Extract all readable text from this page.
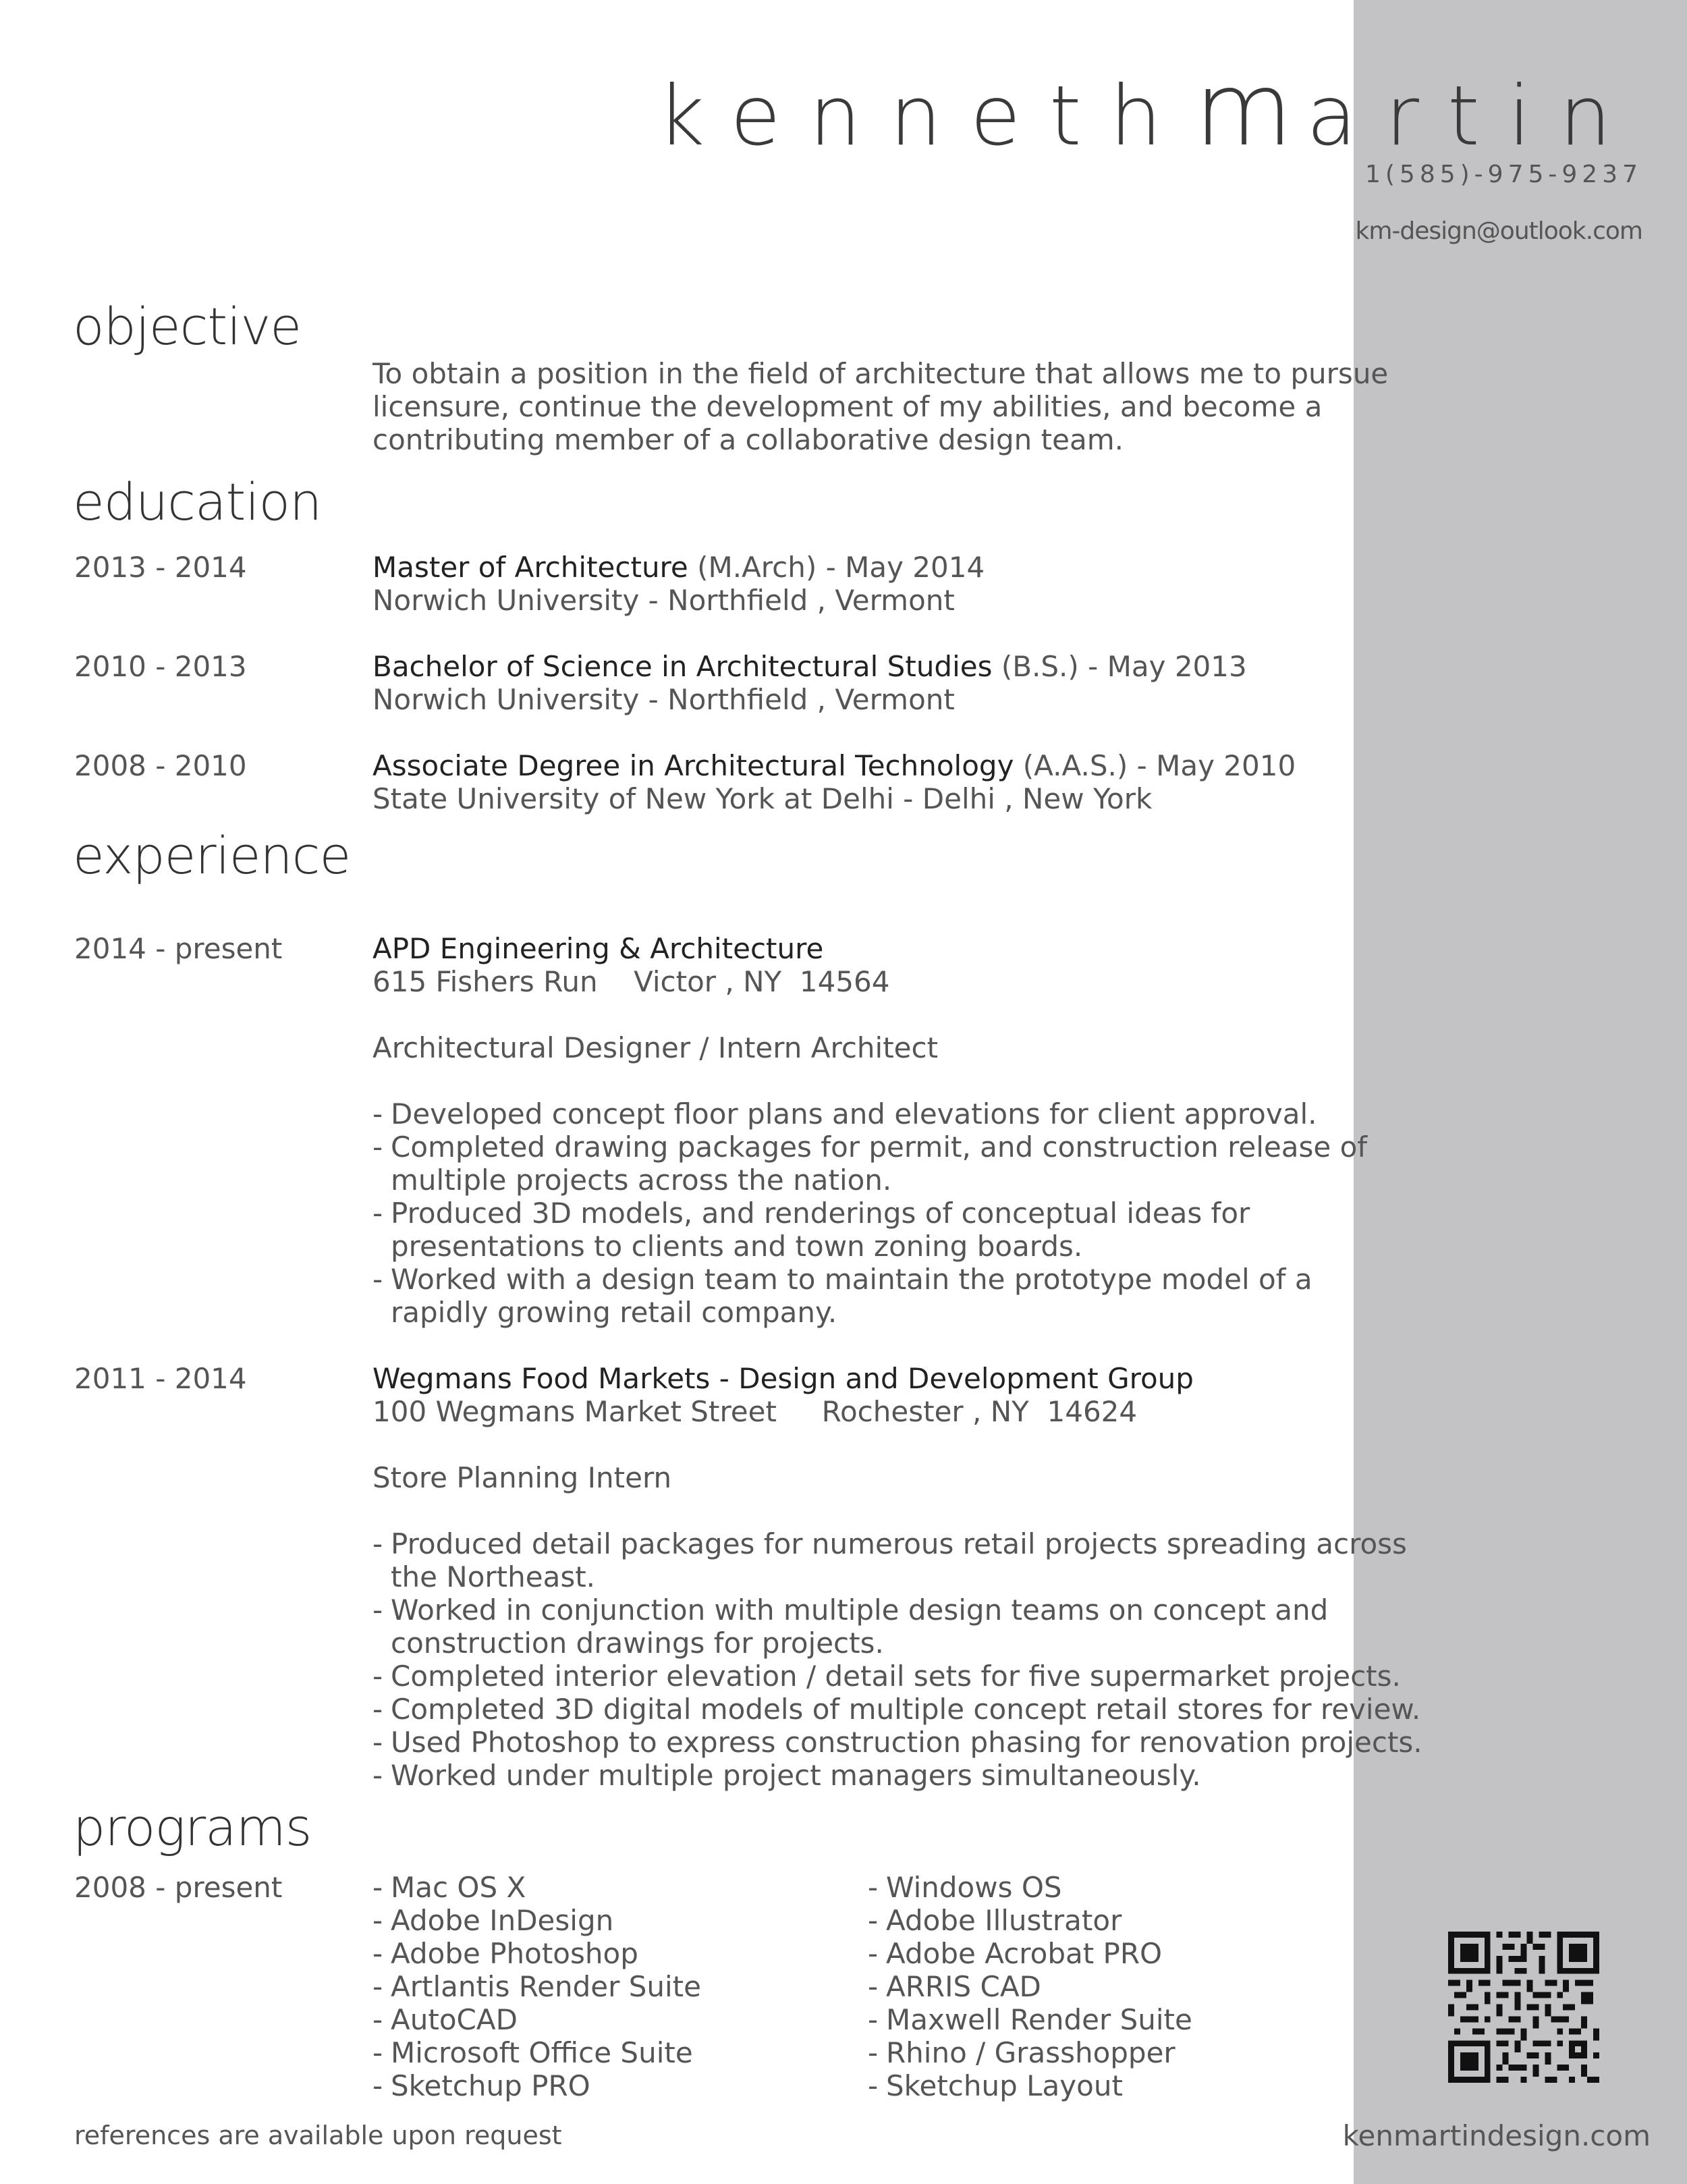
kennethmartin
1(585)-975-9237
km-design@outlook.com
objective
To obtain a position in the field of architecture that allows me to pursue
licensure, continue the development of my abilities, and become a
contributing member of a collaborative design team.
education
2013 - 2014	Master of Architecture (M.Arch) - May 2014
Norwich University - Northfield , Vermont
2010 - 2013	Bachelor of Science in Architectural Studies (B.S.) - May 2013
Norwich University - Northfield , Vermont
2008 - 2010	Associate Degree in Architectural Technology (A.A.S.) - May 2010
State University of New York at Delhi - Delhi , New York
experience
2014 - present	APD Engineering & Architecture
615 Fishers Run    Victor , NY  14564
Architectural Designer / Intern Architect
- Developed concept floor plans and elevations for client approval.
- Completed drawing packages for permit, and construction release of
multiple projects across the nation.
- Produced 3D models, and renderings of conceptual ideas for
presentations to clients and town zoning boards.
- Worked with a design team to maintain the prototype model of a
rapidly growing retail company.
2011 - 2014	Wegmans Food Markets - Design and Development Group
100 Wegmans Market Street     Rochester , NY  14624
Store Planning Intern
- Produced detail packages for numerous retail projects spreading across
the Northeast.
- Worked in conjunction with multiple design teams on concept and
construction drawings for projects.
- Completed interior elevation / detail sets for five supermarket projects.
- Completed 3D digital models of multiple concept retail stores for review.
- Used Photoshop to express construction phasing for renovation projects.
- Worked under multiple project managers simultaneously.
programs
2008 - present
-	Mac OS X
- Adobe InDesign
- Adobe Photoshop
- Artlantis Render Suite
- AutoCAD
- Microsoft Office Suite
- Sketchup PRO
- Windows OS
- Adobe Illustrator
- Adobe Acrobat PRO
- ARRIS CAD
- Maxwell Render Suite
- Rhino / Grasshopper
- Sketchup Layout
references are available upon request	kenmartindesign.com
